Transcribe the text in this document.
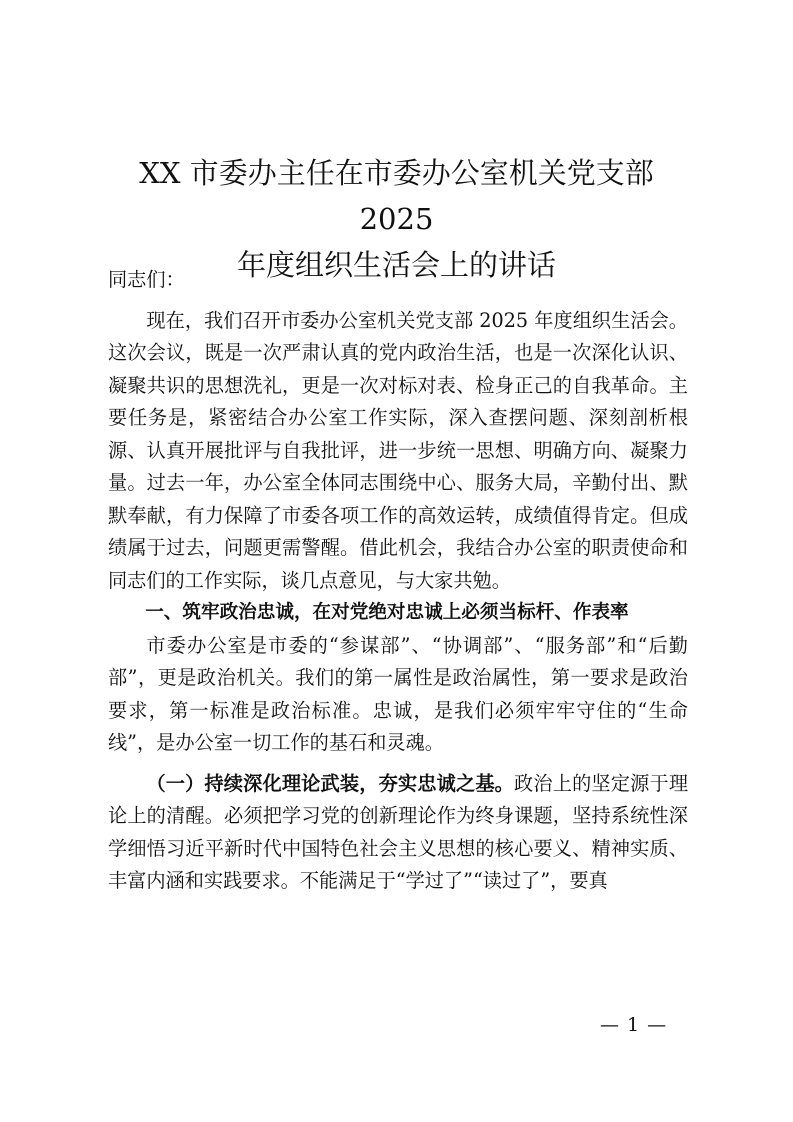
XX 市委办主任在市委办公室机关党支部 2025
年度组织生活会上的讲话

同志们：

现在，我们召开市委办公室机关党支部 2025 年度组织生活会。这次会议，既是一次严肃认真的党内政治生活，也是一次深化认识、凝聚共识的思想洗礼，更是一次对标对表、检身正己的自我革命。主要任务是，紧密结合办公室工作实际，深入查摆问题、深刻剖析根源、认真开展批评与自我批评，进一步统一思想、明确方向、凝聚力量。过去一年，办公室全体同志围绕中心、服务大局，辛勤付出、默默奉献，有力保障了市委各项工作的高效运转，成绩值得肯定。但成绩属于过去，问题更需警醒。借此机会，我结合办公室的职责使命和同志们的工作实际，谈几点意见，与大家共勉。

一、筑牢政治忠诚，在对党绝对忠诚上必须当标杆、作表率

市委办公室是市委的“参谋部”、“协调部”、“服务部”和“后勤部”，更是政治机关。我们的第一属性是政治属性，第一要求是政治要求，第一标准是政治标准。忠诚，是我们必须牢牢守住的“生命线”，是办公室一切工作的基石和灵魂。

（一）持续深化理论武装，夯实忠诚之基。政治上的坚定源于理论上的清醒。必须把学习党的创新理论作为终身课题，坚持系统性深学细悟习近平新时代中国特色社会主义思想的核心要义、精神实质、丰富内涵和实践要求。不能满足于“学过了”“读过了”，要真

— 1 —
